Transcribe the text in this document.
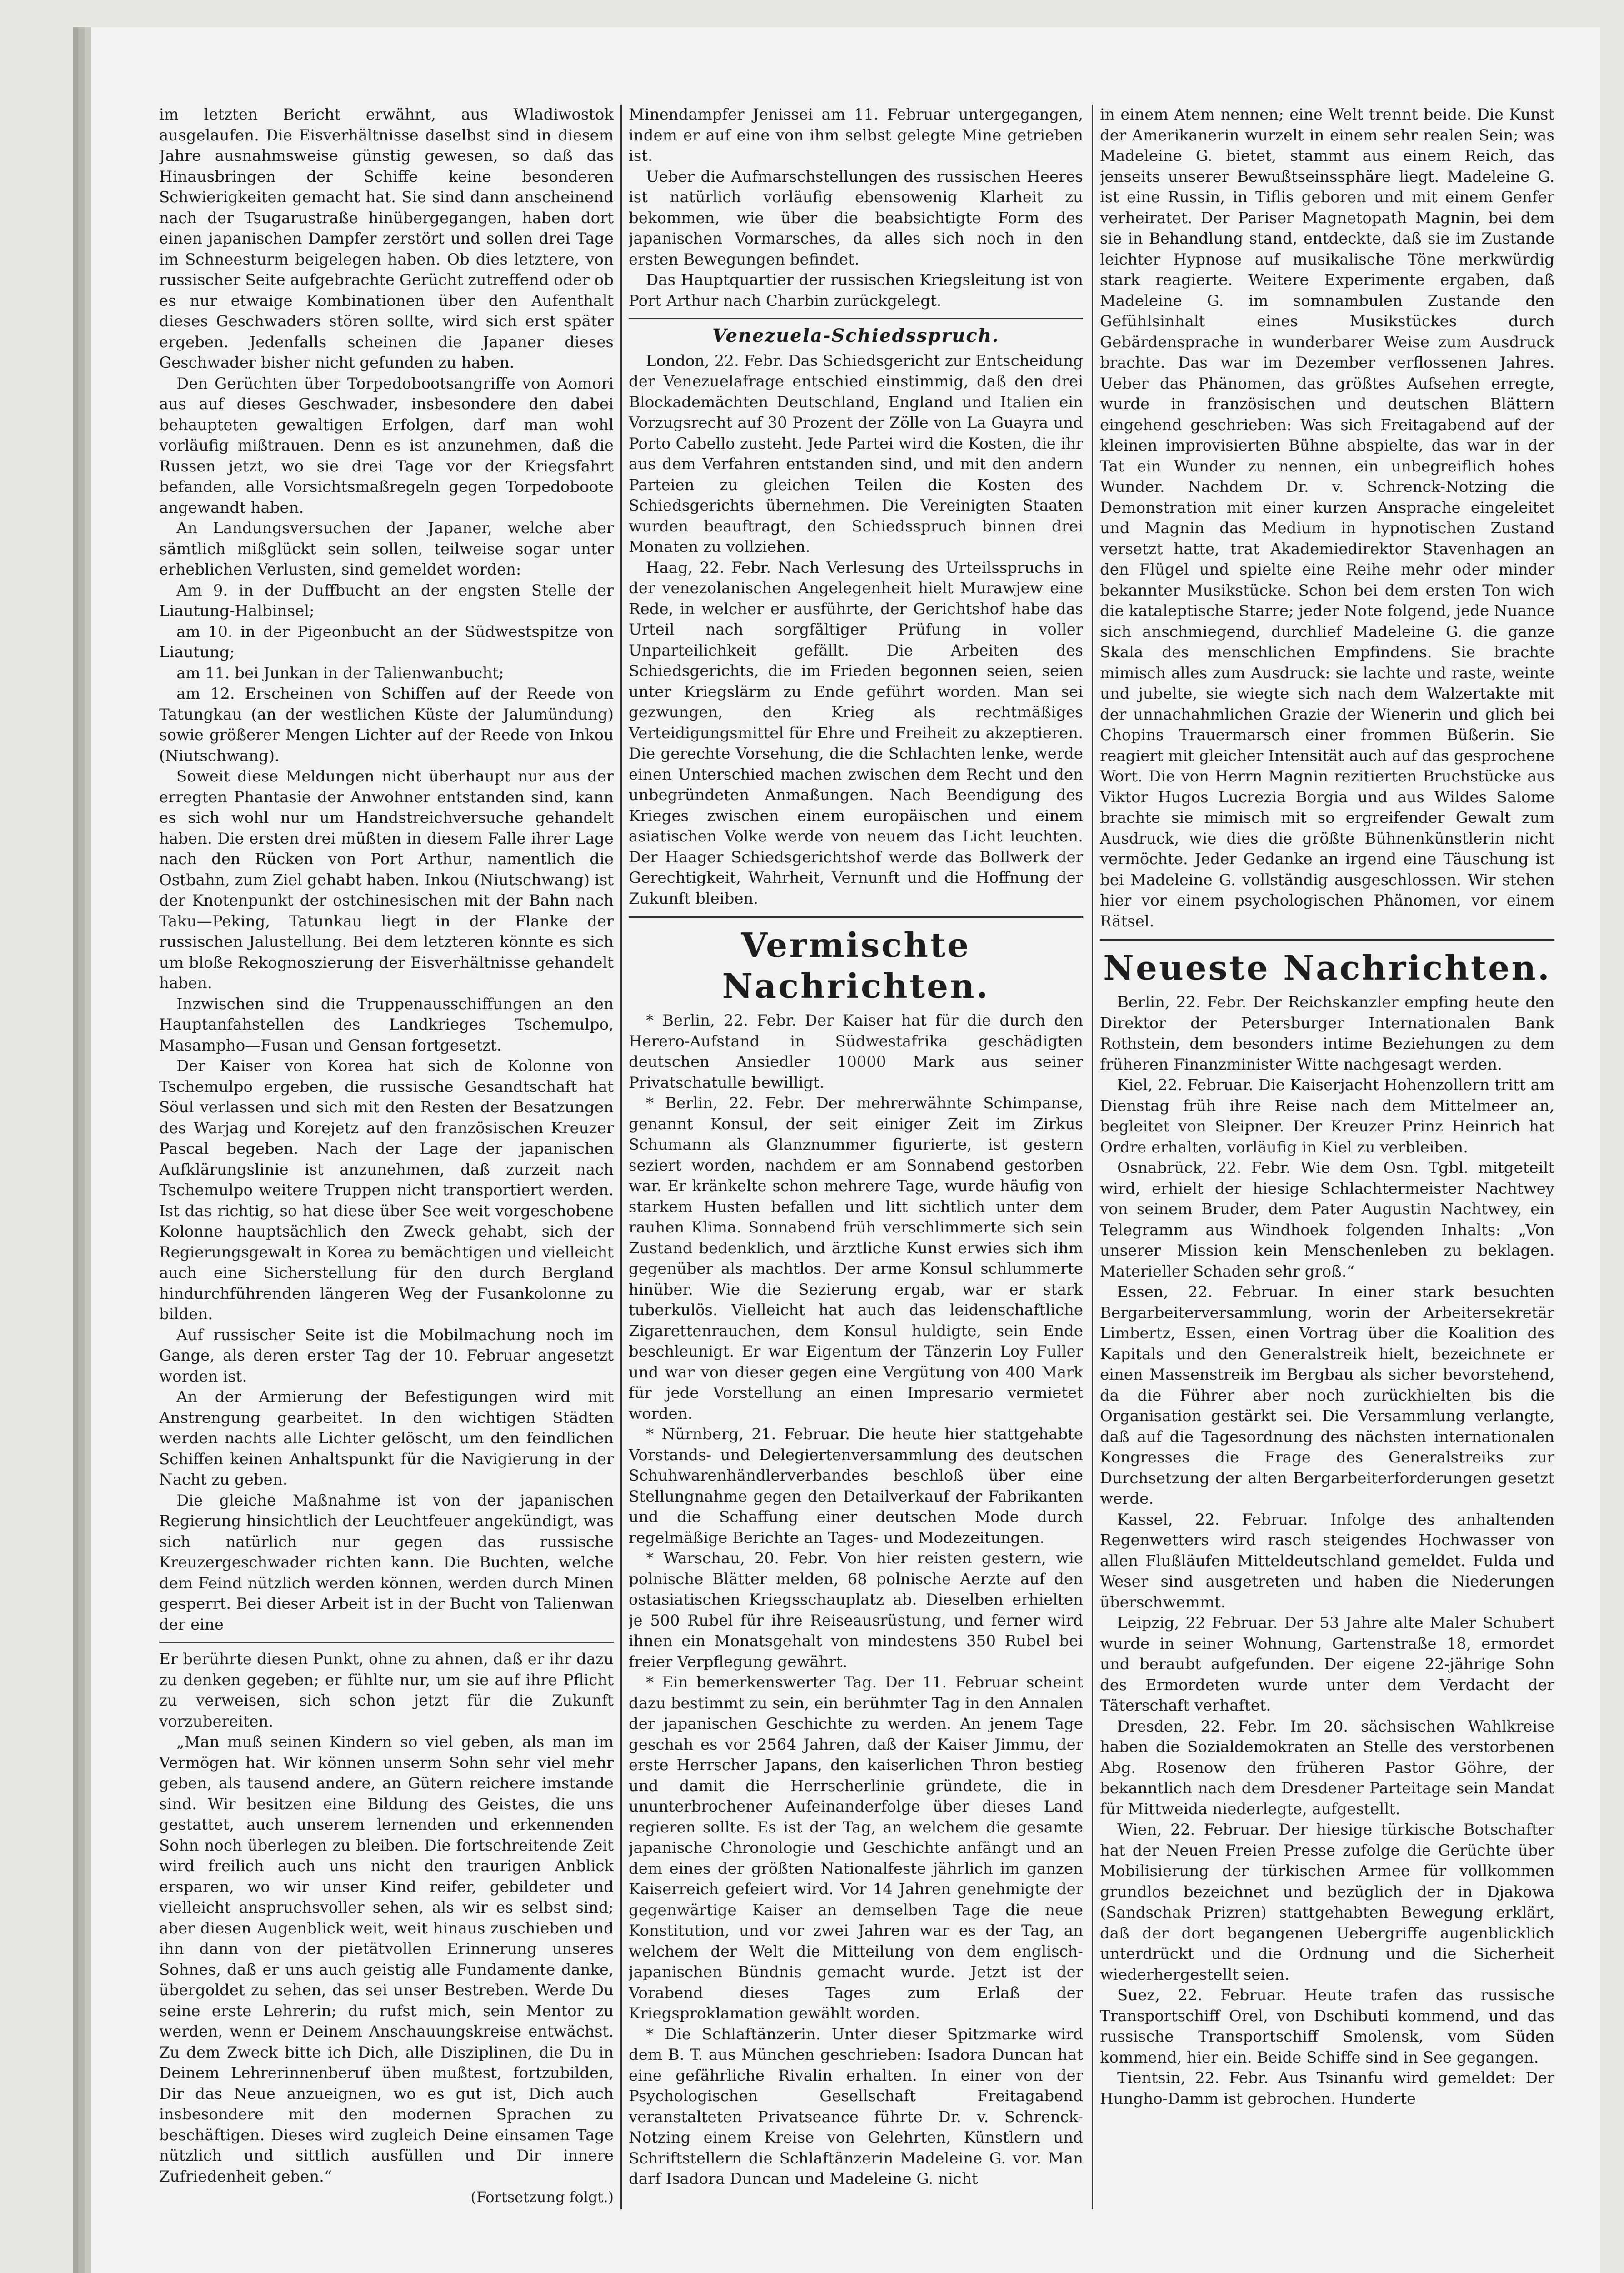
im letzten Bericht erwähnt, aus Wladiwostok ausgelaufen. Die Eisverhältnisse daselbst sind in diesem Jahre ausnahmsweise günstig gewesen, so daß das Hinausbringen der Schiffe keine besonderen Schwierigkeiten gemacht hat. Sie sind dann anscheinend nach der Tsugarustraße hinübergegangen, haben dort einen japanischen Dampfer zerstört und sollen drei Tage im Schneesturm beigelegen haben. Ob dies letztere, von russischer Seite aufgebrachte Gerücht zutreffend oder ob es nur etwaige Kombinationen über den Aufenthalt dieses Geschwaders stören sollte, wird sich erst später ergeben. Jedenfalls scheinen die Japaner dieses Geschwader bisher nicht gefunden zu haben.

Den Gerüchten über Torpedobootsangriffe von Aomori aus auf dieses Geschwader, insbesondere den dabei behaupteten gewaltigen Erfolgen, darf man wohl vorläufig mißtrauen. Denn es ist anzunehmen, daß die Russen jetzt, wo sie drei Tage vor der Kriegsfahrt befanden, alle Vorsichtsmaßregeln gegen Torpedoboote angewandt haben.

An Landungsversuchen der Japaner, welche aber sämtlich mißglückt sein sollen, teilweise sogar unter erheblichen Verlusten, sind gemeldet worden:

Am 9. in der Duffbucht an der engsten Stelle der Liautung-Halbinsel;

am 10. in der Pigeonbucht an der Südwestspitze von Liautung;

am 11. bei Junkan in der Talienwanbucht;

am 12. Erscheinen von Schiffen auf der Reede von Tatungkau (an der westlichen Küste der Jalumündung) sowie größerer Mengen Lichter auf der Reede von Inkou (Niutschwang).

Soweit diese Meldungen nicht überhaupt nur aus der erregten Phantasie der Anwohner entstanden sind, kann es sich wohl nur um Handstreichversuche gehandelt haben. Die ersten drei müßten in diesem Falle ihrer Lage nach den Rücken von Port Arthur, namentlich die Ostbahn, zum Ziel gehabt haben. Inkou (Niutschwang) ist der Knotenpunkt der ostchinesischen mit der Bahn nach Taku—Peking, Tatunkau liegt in der Flanke der russischen Jalustellung. Bei dem letzteren könnte es sich um bloße Rekognoszierung der Eisverhältnisse gehandelt haben.

Inzwischen sind die Truppenausschiffungen an den Hauptanfahstellen des Landkrieges Tschemulpo, Masampho—Fusan und Gensan fortgesetzt.

Der Kaiser von Korea hat sich de Kolonne von Tschemulpo ergeben, die russische Gesandtschaft hat Söul verlassen und sich mit den Resten der Besatzungen des Warjag und Korejetz auf den französischen Kreuzer Pascal begeben. Nach der Lage der japanischen Aufklärungslinie ist anzunehmen, daß zurzeit nach Tschemulpo weitere Truppen nicht transportiert werden. Ist das richtig, so hat diese über See weit vorgeschobene Kolonne hauptsächlich den Zweck gehabt, sich der Regierungsgewalt in Korea zu bemächtigen und vielleicht auch eine Sicherstellung für den durch Bergland hindurchführenden längeren Weg der Fusankolonne zu bilden.

Auf russischer Seite ist die Mobilmachung noch im Gange, als deren erster Tag der 10. Februar angesetzt worden ist.

An der Armierung der Befestigungen wird mit Anstrengung gearbeitet. In den wichtigen Städten werden nachts alle Lichter gelöscht, um den feindlichen Schiffen keinen Anhaltspunkt für die Navigierung in der Nacht zu geben.

Die gleiche Maßnahme ist von der japanischen Regierung hinsichtlich der Leuchtfeuer angekündigt, was sich natürlich nur gegen das russische Kreuzergeschwader richten kann. Die Buchten, welche dem Feind nützlich werden können, werden durch Minen gesperrt. Bei dieser Arbeit ist in der Bucht von Talienwan der eine

Er berührte diesen Punkt, ohne zu ahnen, daß er ihr dazu zu denken gegeben; er fühlte nur, um sie auf ihre Pflicht zu verweisen, sich schon jetzt für die Zukunft vorzubereiten.

„Man muß seinen Kindern so viel geben, als man im Vermögen hat. Wir können unserm Sohn sehr viel mehr geben, als tausend andere, an Gütern reichere imstande sind. Wir besitzen eine Bildung des Geistes, die uns gestattet, auch unserem lernenden und erkennenden Sohn noch überlegen zu bleiben. Die fortschreitende Zeit wird freilich auch uns nicht den traurigen Anblick ersparen, wo wir unser Kind reifer, gebildeter und vielleicht anspruchsvoller sehen, als wir es selbst sind; aber diesen Augenblick weit, weit hinaus zuschieben und ihn dann von der pietätvollen Erinnerung unseres Sohnes, daß er uns auch geistig alle Fundamente danke, übergoldet zu sehen, das sei unser Bestreben. Werde Du seine erste Lehrerin; du rufst mich, sein Mentor zu werden, wenn er Deinem Anschauungskreise entwächst. Zu dem Zweck bitte ich Dich, alle Disziplinen, die Du in Deinem Lehrerinnenberuf üben mußtest, fortzubilden, Dir das Neue anzueignen, wo es gut ist, Dich auch insbesondere mit den modernen Sprachen zu beschäftigen. Dieses wird zugleich Deine einsamen Tage nützlich und sittlich ausfüllen und Dir innere Zufriedenheit geben.“

(Fortsetzung folgt.)

Minendampfer Jenissei am 11. Februar untergegangen, indem er auf eine von ihm selbst gelegte Mine getrieben ist.

Ueber die Aufmarschstellungen des russischen Heeres ist natürlich vorläufig ebensowenig Klarheit zu bekommen, wie über die beabsichtigte Form des japanischen Vormarsches, da alles sich noch in den ersten Bewegungen befindet.

Das Hauptquartier der russischen Kriegsleitung ist von Port Arthur nach Charbin zurückgelegt.

Venezuela-Schiedsspruch.

London, 22. Febr. Das Schiedsgericht zur Entscheidung der Venezuelafrage entschied einstimmig, daß den drei Blockademächten Deutschland, England und Italien ein Vorzugsrecht auf 30 Prozent der Zölle von La Guayra und Porto Cabello zusteht. Jede Partei wird die Kosten, die ihr aus dem Verfahren entstanden sind, und mit den andern Parteien zu gleichen Teilen die Kosten des Schiedsgerichts übernehmen. Die Vereinigten Staaten wurden beauftragt, den Schiedsspruch binnen drei Monaten zu vollziehen.

Haag, 22. Febr. Nach Verlesung des Urteilsspruchs in der venezolanischen Angelegenheit hielt Murawjew eine Rede, in welcher er ausführte, der Gerichtshof habe das Urteil nach sorgfältiger Prüfung in voller Unparteilichkeit gefällt. Die Arbeiten des Schiedsgerichts, die im Frieden begonnen seien, seien unter Kriegslärm zu Ende geführt worden. Man sei gezwungen, den Krieg als rechtmäßiges Verteidigungsmittel für Ehre und Freiheit zu akzeptieren. Die gerechte Vorsehung, die die Schlachten lenke, werde einen Unterschied machen zwischen dem Recht und den unbegründeten Anmaßungen. Nach Beendigung des Krieges zwischen einem europäischen und einem asiatischen Volke werde von neuem das Licht leuchten. Der Haager Schiedsgerichtshof werde das Bollwerk der Gerechtigkeit, Wahrheit, Vernunft und die Hoffnung der Zukunft bleiben.

Vermischte Nachrichten.

* Berlin, 22. Febr. Der Kaiser hat für die durch den Herero-Aufstand in Südwestafrika geschädigten deutschen Ansiedler 10000 Mark aus seiner Privatschatulle bewilligt.

* Berlin, 22. Febr. Der mehrerwähnte Schimpanse, genannt Konsul, der seit einiger Zeit im Zirkus Schumann als Glanznummer figurierte, ist gestern seziert worden, nachdem er am Sonnabend gestorben war. Er kränkelte schon mehrere Tage, wurde häufig von starkem Husten befallen und litt sichtlich unter dem rauhen Klima. Sonnabend früh verschlimmerte sich sein Zustand bedenklich, und ärztliche Kunst erwies sich ihm gegenüber als machtlos. Der arme Konsul schlummerte hinüber. Wie die Sezierung ergab, war er stark tuberkulös. Vielleicht hat auch das leidenschaftliche Zigarettenrauchen, dem Konsul huldigte, sein Ende beschleunigt. Er war Eigentum der Tänzerin Loy Fuller und war von dieser gegen eine Vergütung von 400 Mark für jede Vorstellung an einen Impresario vermietet worden.

* Nürnberg, 21. Februar. Die heute hier stattgehabte Vorstands- und Delegiertenversammlung des deutschen Schuhwarenhändlerverbandes beschloß über eine Stellungnahme gegen den Detailverkauf der Fabrikanten und die Schaffung einer deutschen Mode durch regelmäßige Berichte an Tages- und Modezeitungen.

* Warschau, 20. Febr. Von hier reisten gestern, wie polnische Blätter melden, 68 polnische Aerzte auf den ostasiatischen Kriegsschauplatz ab. Dieselben erhielten je 500 Rubel für ihre Reiseausrüstung, und ferner wird ihnen ein Monatsgehalt von mindestens 350 Rubel bei freier Verpflegung gewährt.

* Ein bemerkenswerter Tag. Der 11. Februar scheint dazu bestimmt zu sein, ein berühmter Tag in den Annalen der japanischen Geschichte zu werden. An jenem Tage geschah es vor 2564 Jahren, daß der Kaiser Jimmu, der erste Herrscher Japans, den kaiserlichen Thron bestieg und damit die Herrscherlinie gründete, die in ununterbrochener Aufeinanderfolge über dieses Land regieren sollte. Es ist der Tag, an welchem die gesamte japanische Chronologie und Geschichte anfängt und an dem eines der größten Nationalfeste jährlich im ganzen Kaiserreich gefeiert wird. Vor 14 Jahren genehmigte der gegenwärtige Kaiser an demselben Tage die neue Konstitution, und vor zwei Jahren war es der Tag, an welchem der Welt die Mitteilung von dem englisch-japanischen Bündnis gemacht wurde. Jetzt ist der Vorabend dieses Tages zum Erlaß der Kriegsproklamation gewählt worden.

* Die Schlaftänzerin. Unter dieser Spitzmarke wird dem B. T. aus München geschrieben: Isadora Duncan hat eine gefährliche Rivalin erhalten. In einer von der Psychologischen Gesellschaft Freitagabend veranstalteten Privatseance führte Dr. v. Schrenck-Notzing einem Kreise von Gelehrten, Künstlern und Schriftstellern die Schlaftänzerin Madeleine G. vor. Man darf Isadora Duncan und Madeleine G. nicht

in einem Atem nennen; eine Welt trennt beide. Die Kunst der Amerikanerin wurzelt in einem sehr realen Sein; was Madeleine G. bietet, stammt aus einem Reich, das jenseits unserer Bewußtseinssphäre liegt. Madeleine G. ist eine Russin, in Tiflis geboren und mit einem Genfer verheiratet. Der Pariser Magnetopath Magnin, bei dem sie in Behandlung stand, entdeckte, daß sie im Zustande leichter Hypnose auf musikalische Töne merkwürdig stark reagierte. Weitere Experimente ergaben, daß Madeleine G. im somnambulen Zustande den Gefühlsinhalt eines Musikstückes durch Gebärdensprache in wunderbarer Weise zum Ausdruck brachte. Das war im Dezember verflossenen Jahres. Ueber das Phänomen, das größtes Aufsehen erregte, wurde in französischen und deutschen Blättern eingehend geschrieben: Was sich Freitagabend auf der kleinen improvisierten Bühne abspielte, das war in der Tat ein Wunder zu nennen, ein unbegreiflich hohes Wunder. Nachdem Dr. v. Schrenck-Notzing die Demonstration mit einer kurzen Ansprache eingeleitet und Magnin das Medium in hypnotischen Zustand versetzt hatte, trat Akademiedirektor Stavenhagen an den Flügel und spielte eine Reihe mehr oder minder bekannter Musikstücke. Schon bei dem ersten Ton wich die kataleptische Starre; jeder Note folgend, jede Nuance sich anschmiegend, durchlief Madeleine G. die ganze Skala des menschlichen Empfindens. Sie brachte mimisch alles zum Ausdruck: sie lachte und raste, weinte und jubelte, sie wiegte sich nach dem Walzertakte mit der unnachahmlichen Grazie der Wienerin und glich bei Chopins Trauermarsch einer frommen Büßerin. Sie reagiert mit gleicher Intensität auch auf das gesprochene Wort. Die von Herrn Magnin rezitierten Bruchstücke aus Viktor Hugos Lucrezia Borgia und aus Wildes Salome brachte sie mimisch mit so ergreifender Gewalt zum Ausdruck, wie dies die größte Bühnenkünstlerin nicht vermöchte. Jeder Gedanke an irgend eine Täuschung ist bei Madeleine G. vollständig ausgeschlossen. Wir stehen hier vor einem psychologischen Phänomen, vor einem Rätsel.

Neueste Nachrichten.

Berlin, 22. Febr. Der Reichskanzler empfing heute den Direktor der Petersburger Internationalen Bank Rothstein, dem besonders intime Beziehungen zu dem früheren Finanzminister Witte nachgesagt werden.

Kiel, 22. Februar. Die Kaiserjacht Hohenzollern tritt am Dienstag früh ihre Reise nach dem Mittelmeer an, begleitet von Sleipner. Der Kreuzer Prinz Heinrich hat Ordre erhalten, vorläufig in Kiel zu verbleiben.

Osnabrück, 22. Febr. Wie dem Osn. Tgbl. mitgeteilt wird, erhielt der hiesige Schlachtermeister Nachtwey von seinem Bruder, dem Pater Augustin Nachtwey, ein Telegramm aus Windhoek folgenden Inhalts: „Von unserer Mission kein Menschenleben zu beklagen. Materieller Schaden sehr groß.“

Essen, 22. Februar. In einer stark besuchten Bergarbeiterversammlung, worin der Arbeitersekretär Limbertz, Essen, einen Vortrag über die Koalition des Kapitals und den Generalstreik hielt, bezeichnete er einen Massenstreik im Bergbau als sicher bevorstehend, da die Führer aber noch zurückhielten bis die Organisation gestärkt sei. Die Versammlung verlangte, daß auf die Tagesordnung des nächsten internationalen Kongresses die Frage des Generalstreiks zur Durchsetzung der alten Bergarbeiterforderungen gesetzt werde.

Kassel, 22. Februar. Infolge des anhaltenden Regenwetters wird rasch steigendes Hochwasser von allen Flußläufen Mitteldeutschland gemeldet. Fulda und Weser sind ausgetreten und haben die Niederungen überschwemmt.

Leipzig, 22 Februar. Der 53 Jahre alte Maler Schubert wurde in seiner Wohnung, Gartenstraße 18, ermordet und beraubt aufgefunden. Der eigene 22-jährige Sohn des Ermordeten wurde unter dem Verdacht der Täterschaft verhaftet.

Dresden, 22. Febr. Im 20. sächsischen Wahlkreise haben die Sozialdemokraten an Stelle des verstorbenen Abg. Rosenow den früheren Pastor Göhre, der bekanntlich nach dem Dresdener Parteitage sein Mandat für Mittweida niederlegte, aufgestellt.

Wien, 22. Februar. Der hiesige türkische Botschafter hat der Neuen Freien Presse zufolge die Gerüchte über Mobilisierung der türkischen Armee für vollkommen grundlos bezeichnet und bezüglich der in Djakowa (Sandschak Prizren) stattgehabten Bewegung erklärt, daß der dort begangenen Uebergriffe augenblicklich unterdrückt und die Ordnung und die Sicherheit wiederhergestellt seien.

Suez, 22. Februar. Heute trafen das russische Transportschiff Orel, von Dschibuti kommend, und das russische Transportschiff Smolensk, vom Süden kommend, hier ein. Beide Schiffe sind in See gegangen.

Tientsin, 22. Febr. Aus Tsinanfu wird gemeldet: Der Hungho-Damm ist gebrochen. Hunderte
